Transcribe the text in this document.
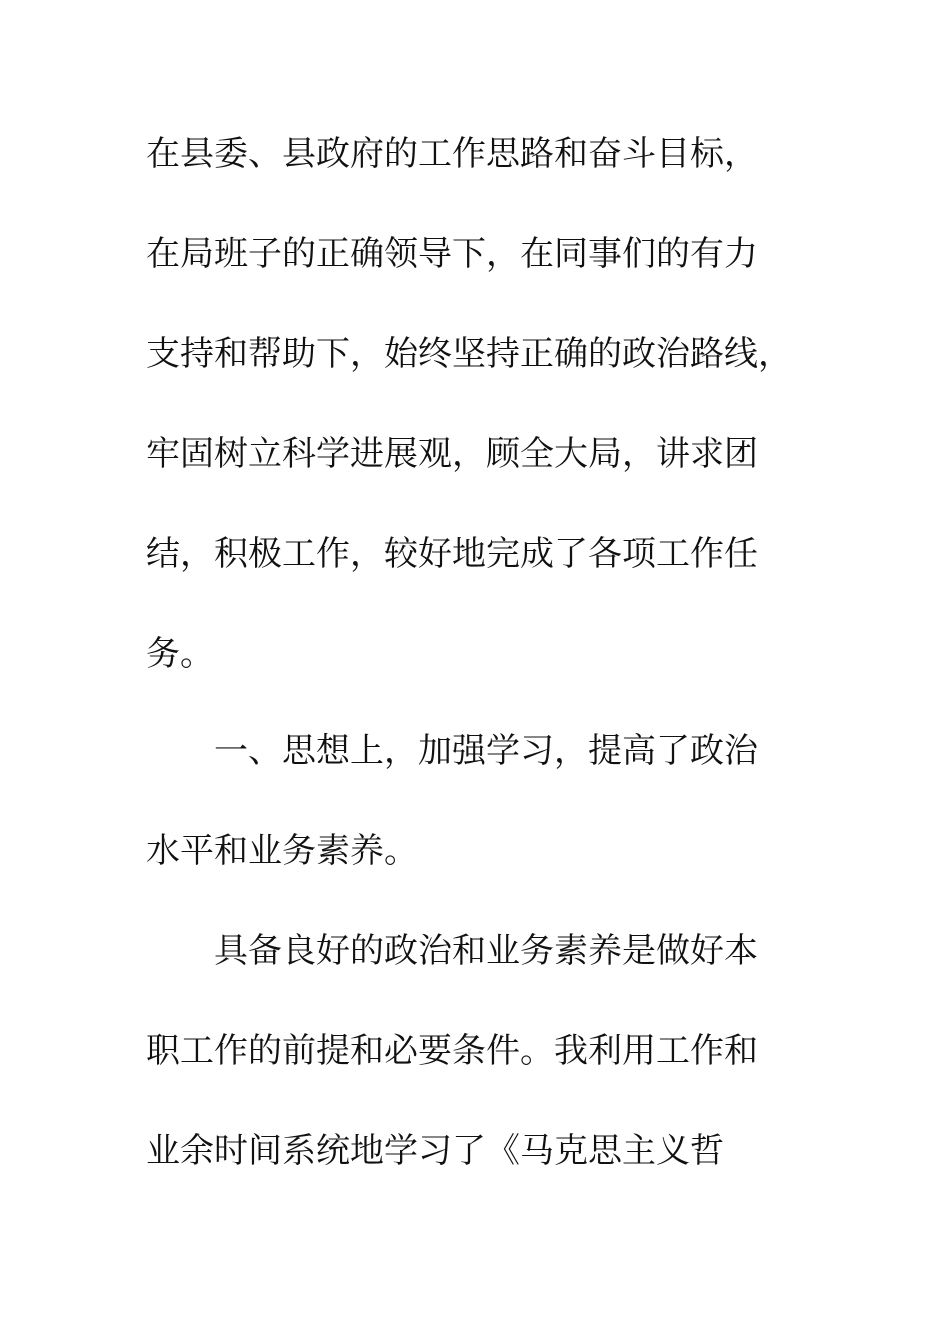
在县委、县政府的工作思路和奋斗目标，
在局班子的正确领导下，在同事们的有力
支持和帮助下，始终坚持正确的政治路线，
牢固树立科学进展观，顾全大局，讲求团
结，积极工作，较好地完成了各项工作任
务。
一、思想上，加强学习，提高了政治
水平和业务素养。
具备良好的政治和业务素养是做好本
职工作的前提和必要条件。我利用工作和
业余时间系统地学习了《马克思主义哲
